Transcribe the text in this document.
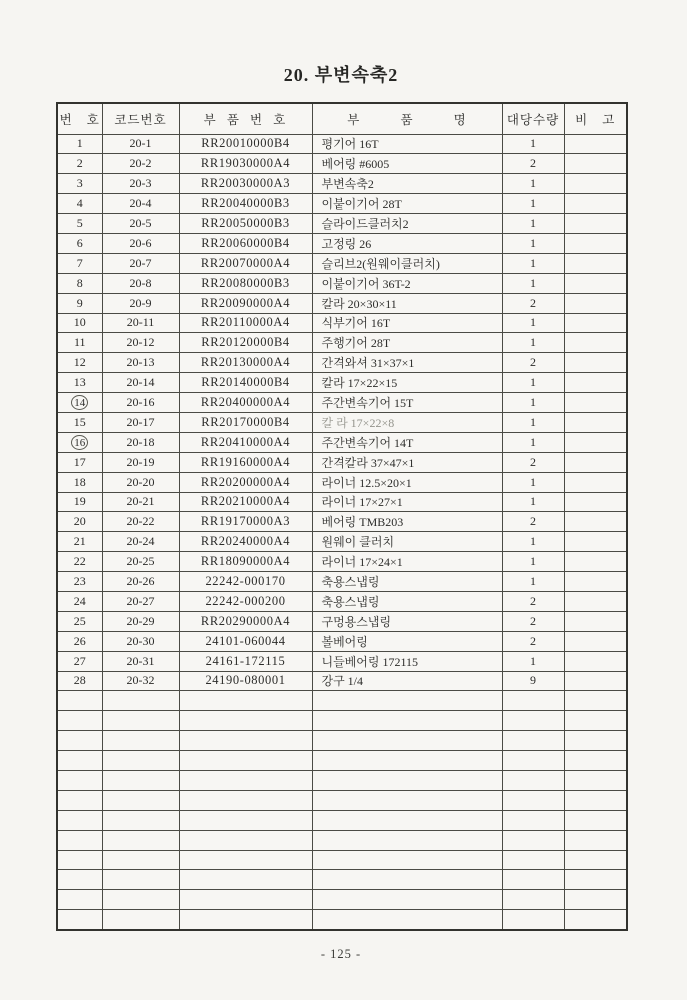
20. 부변속축2
번 호	코드번호	부 품 번 호	부 품 명	대당수량	비 고
1	20-1	RR20010000B4	평기어 16T	1	
2	20-2	RR19030000A4	베어링 #6005	2	
3	20-3	RR20030000A3	부변속축2	1	
4	20-4	RR20040000B3	이붙이기어 28T	1	
5	20-5	RR20050000B3	슬라이드클러치2	1	
6	20-6	RR20060000B4	고정링 26	1	
7	20-7	RR20070000A4	슬리브2(원웨이클러치)	1	
8	20-8	RR20080000B3	이붙이기어 36T-2	1	
9	20-9	RR20090000A4	칼라 20×30×11	2	
10	20-11	RR20110000A4	식부기어 16T	1	
11	20-12	RR20120000B4	주행기어 28T	1	
12	20-13	RR20130000A4	간격와셔 31×37×1	2	
13	20-14	RR20140000B4	칼라 17×22×15	1	
14	20-16	RR20400000A4	주간변속기어 15T	1	
15	20-17	RR20170000B4	칼 라 17×22×8	1	
16	20-18	RR20410000A4	주간변속기어 14T	1	
17	20-19	RR19160000A4	간격칼라 37×47×1	2	
18	20-20	RR20200000A4	라이너 12.5×20×1	1	
19	20-21	RR20210000A4	라이너 17×27×1	1	
20	20-22	RR19170000A3	베어링 TMB203	2	
21	20-24	RR20240000A4	원웨이 클러치	1	
22	20-25	RR18090000A4	라이너 17×24×1	1	
23	20-26	22242-000170	축용스냅링	1	
24	20-27	22242-000200	축용스냅링	2	
25	20-29	RR20290000A4	구멍용스냅링	2	
26	20-30	24101-060044	볼베어링	2	
27	20-31	24161-172115	니들베어링 172115	1	
28	20-32	24190-080001	강구 1/4	9	

- 125 -
